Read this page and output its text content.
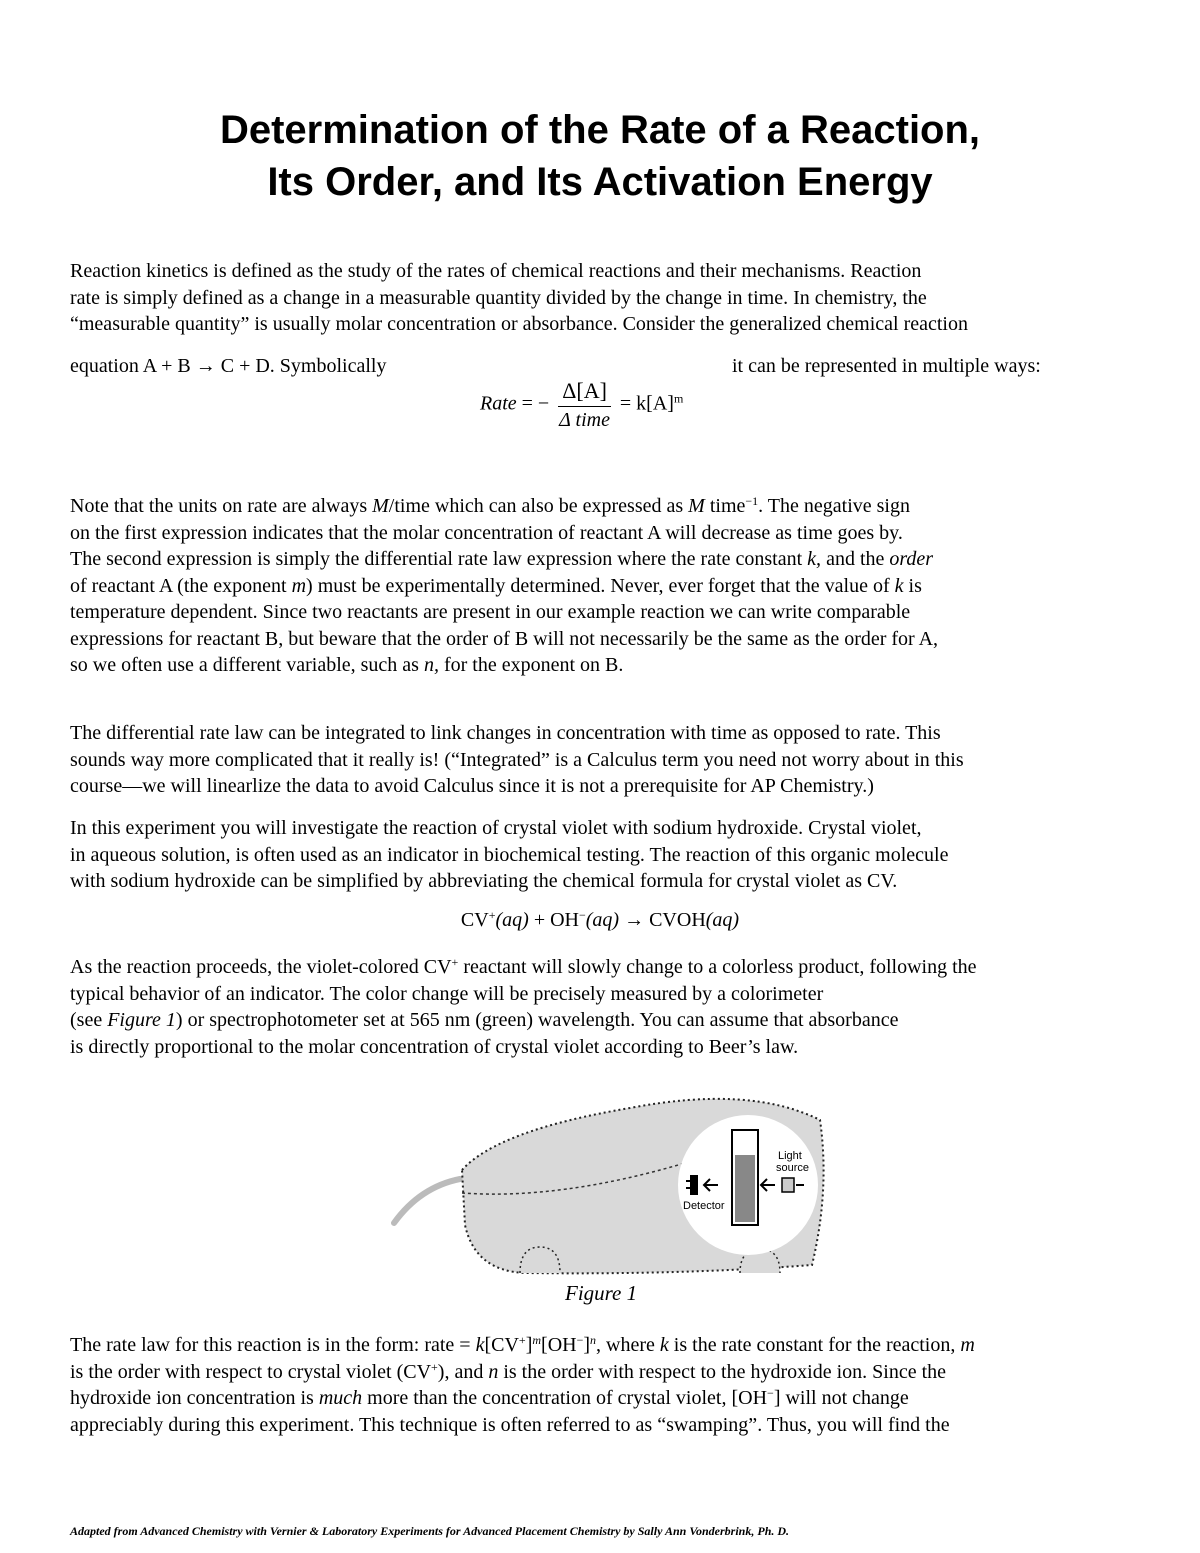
Determination of the Rate of a Reaction,
Its Order, and Its Activation Energy
Reaction kinetics is defined as the study of the rates of chemical reactions and their mechanisms. Reaction
rate is simply defined as a change in a measurable quantity divided by the change in time. In chemistry, the
“measurable quantity” is usually molar concentration or absorbance. Consider the generalized chemical reaction
equation A + B → C + D. Symbolically	it can be represented in multiple ways:
Rate = − $\frac{\Delta[A]}{\text{Δ time}} = k[A]^m$
Note that the units on rate are always M/time which can also be expressed as M time$^{-1}$. The negative sign
on the first expression indicates that the molar concentration of reactant A will decrease as time goes by.
The second expression is simply the differential rate law expression where the rate constant k, and the order
of reactant A (the exponent m) must be experimentally determined. Never, ever forget that the value of k is
temperature dependent. Since two reactants are present in our example reaction we can write comparable
expressions for reactant B, but beware that the order of B will not necessarily be the same as the order for A,
so we often use a different variable, such as n, for the exponent on B.
The differential rate law can be integrated to link changes in concentration with time as opposed to rate. This
sounds way more complicated that it really is! (“Integrated” is a Calculus term you need not worry about in this
course—we will linearlize the data to avoid Calculus since it is not a prerequisite for AP Chemistry.)
In this experiment you will investigate the reaction of crystal violet with sodium hydroxide. Crystal violet,
in aqueous solution, is often used as an indicator in biochemical testing. The reaction of this organic molecule
with sodium hydroxide can be simplified by abbreviating the chemical formula for crystal violet as CV.
CV+(aq) + OH−(aq) → CVOH(aq)
As the reaction proceeds, the violet-colored CV+ reactant will slowly change to a colorless product, following the
typical behavior of an indicator. The color change will be precisely measured by a colorimeter
(see Figure 1) or spectrophotometer set at 565 nm (green) wavelength. You can assume that absorbance
is directly proportional to the molar concentration of crystal violet according to Beer’s law.
Light
source
Detector
Figure 1
The rate law for this reaction is in the form: rate = $k[CV^+]^m[OH^-]^n$, where k is the rate constant for the reaction, m
is the order with respect to crystal violet (CV+), and n is the order with respect to the hydroxide ion. Since the
hydroxide ion concentration is much more than the concentration of crystal violet, [OH−] will not change
appreciably during this experiment. This technique is often referred to as “swamping”. Thus, you will find the
Adapted from Advanced Chemistry with Vernier & Laboratory Experiments for Advanced Placement Chemistry by Sally Ann Vonderbrink, Ph. D.
